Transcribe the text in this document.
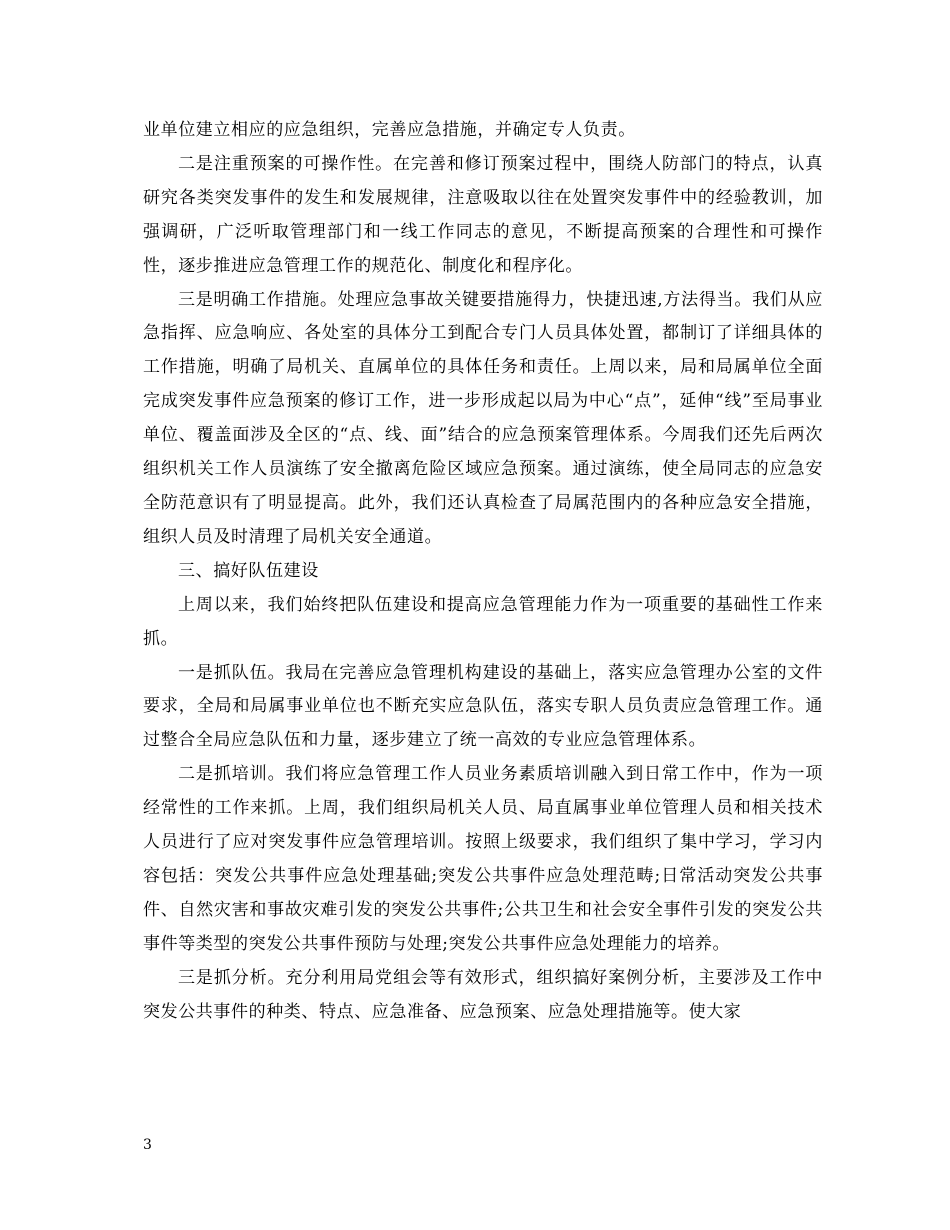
业单位建立相应的应急组织，完善应急措施，并确定专人负责。

二是注重预案的可操作性。在完善和修订预案过程中，围绕人防部门的特点，认真研究各类突发事件的发生和发展规律，注意吸取以往在处置突发事件中的经验教训，加强调研，广泛听取管理部门和一线工作同志的意见，不断提高预案的合理性和可操作性，逐步推进应急管理工作的规范化、制度化和程序化。

三是明确工作措施。处理应急事故关键要措施得力，快捷迅速,方法得当。我们从应急指挥、应急响应、各处室的具体分工到配合专门人员具体处置，都制订了详细具体的工作措施，明确了局机关、直属单位的具体任务和责任。上周以来，局和局属单位全面完成突发事件应急预案的修订工作，进一步形成起以局为中心“点”，延伸“线”至局事业单位、覆盖面涉及全区的“点、线、面”结合的应急预案管理体系。今周我们还先后两次组织机关工作人员演练了安全撤离危险区域应急预案。通过演练，使全局同志的应急安全防范意识有了明显提高。此外，我们还认真检查了局属范围内的各种应急安全措施，组织人员及时清理了局机关安全通道。

三、搞好队伍建设

上周以来，我们始终把队伍建设和提高应急管理能力作为一项重要的基础性工作来抓。

一是抓队伍。我局在完善应急管理机构建设的基础上，落实应急管理办公室的文件要求，全局和局属事业单位也不断充实应急队伍，落实专职人员负责应急管理工作。通过整合全局应急队伍和力量，逐步建立了统一高效的专业应急管理体系。

二是抓培训。我们将应急管理工作人员业务素质培训融入到日常工作中，作为一项经常性的工作来抓。上周，我们组织局机关人员、局直属事业单位管理人员和相关技术人员进行了应对突发事件应急管理培训。按照上级要求，我们组织了集中学习，学习内容包括：突发公共事件应急处理基础;突发公共事件应急处理范畴;日常活动突发公共事件、自然灾害和事故灾难引发的突发公共事件;公共卫生和社会安全事件引发的突发公共事件等类型的突发公共事件预防与处理;突发公共事件应急处理能力的培养。

三是抓分析。充分利用局党组会等有效形式，组织搞好案例分析，主要涉及工作中突发公共事件的种类、特点、应急准备、应急预案、应急处理措施等。使大家

3
